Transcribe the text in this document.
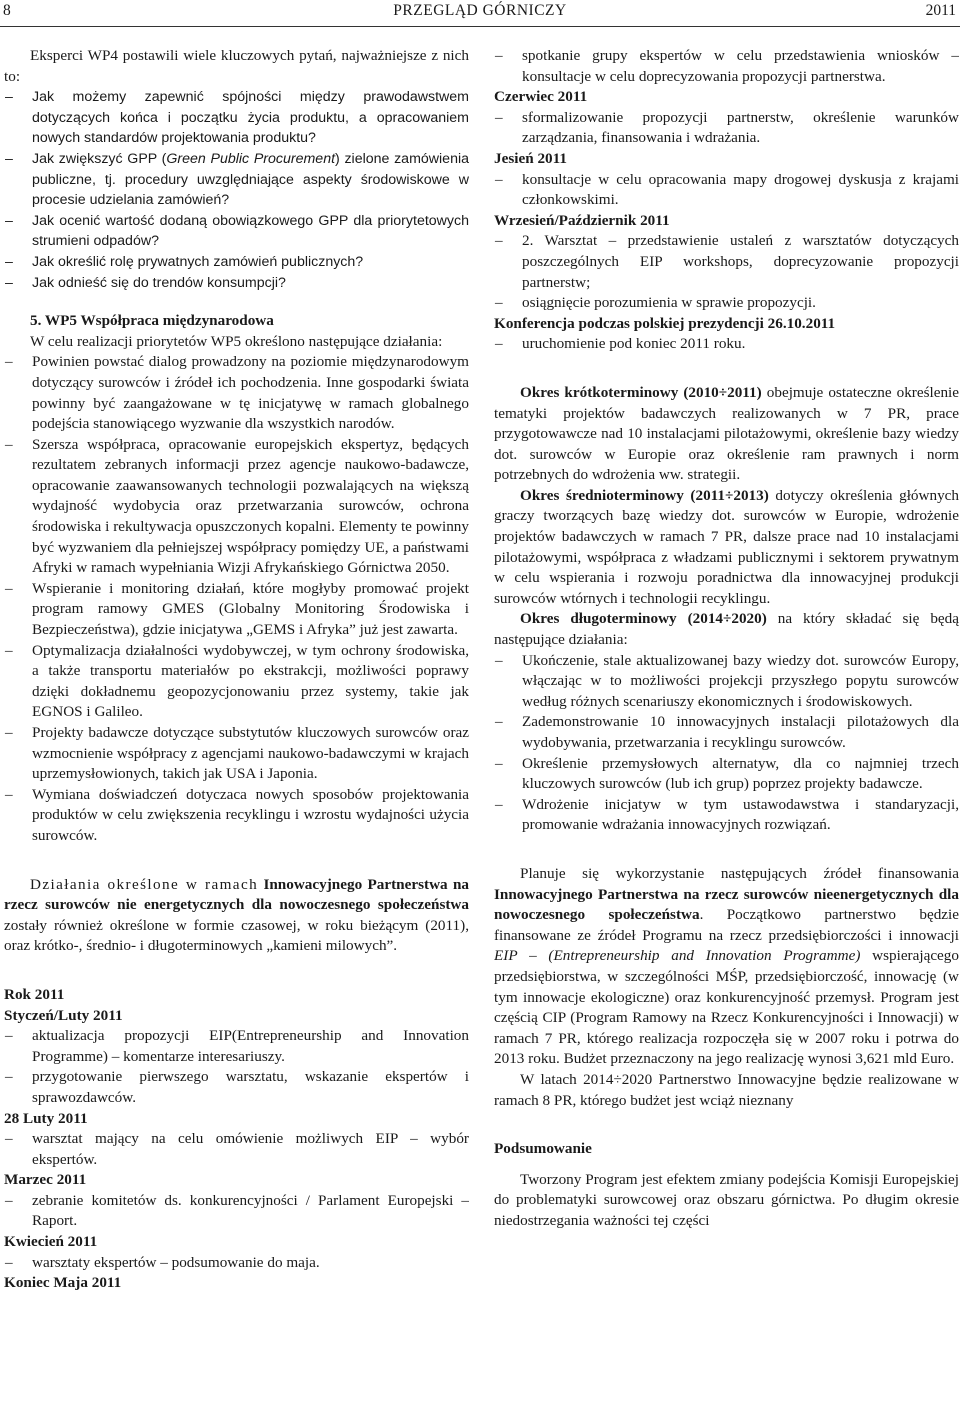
8	PRZEGLĄD GÓRNICZY	2011

Eksperci WP4 postawili wiele kluczowych pytań, najważniejsze z nich to:

– Jak możemy zapewnić spójności między prawodawstwem dotyczących końca i początku życia produktu, a opracowaniem nowych standardów projektowania produktu?

– Jak zwiększyć GPP (Green Public Procurement) zielone zamówienia publiczne, tj. procedury uwzględniające aspekty środowiskowe w procesie udzielania zamówień?

– Jak ocenić wartość dodaną obowiązkowego GPP dla priorytetowych strumieni odpadów?

– Jak określić rolę prywatnych zamówień publicznych?

– Jak odnieść się do trendów konsumpcji?

5. WP5 Współpraca międzynarodowa

W celu realizacji priorytetów WP5 określono następujące działania:

– Powinien powstać dialog prowadzony na poziomie międzynarodowym dotyczący surowców i źródeł ich pochodzenia. Inne gospodarki świata powinny być zaangażowane w tę inicjatywę w ramach globalnego podejścia stanowiącego wyzwanie dla wszystkich narodów.

– Szersza współpraca, opracowanie europejskich ekspertyz, będących rezultatem zebranych informacji przez agencje naukowo-badawcze, opracowanie zaawansowanych technologii pozwalających na większą wydajność wydobycia oraz przetwarzania surowców, ochrona środowiska i rekultywacja opuszczonych kopalni. Elementy te powinny być wyzwaniem dla pełniejszej współpracy pomiędzy UE, a państwami Afryki w ramach wypełniania Wizji Afrykańskiego Górnictwa 2050.

– Wspieranie i monitoring działań, które mogłyby promować projekt program ramowy GMES (Globalny Monitoring Środowiska i Bezpieczeństwa), gdzie inicjatywa „GEMS i Afryka” już jest zawarta.

– Optymalizacja działalności wydobywczej, w tym ochrony środowiska, a także transportu materiałów po ekstrakcji, możliwości poprawy dzięki dokładnemu geopozycjonowaniu przez systemy, takie jak EGNOS i Galileo.

– Projekty badawcze dotyczące substytutów kluczowych surowców oraz wzmocnienie współpracy z agencjami naukowo-badawczymi w krajach uprzemysłowionych, takich jak USA i Japonia.

– Wymiana doświadczeń dotyczaca nowych sposobów projektowania produktów w celu zwiększenia recyklingu i wzrostu wydajności użycia surowców.

Działania określone w ramach Innowacyjnego Partnerstwa na rzecz surowców nie energetycznych dla nowoczesnego społeczeństwa zostały również określone w formie czasowej, w roku bieżącym (2011), oraz krótko-, średnio- i długoterminowych „kamieni milowych”.

Rok 2011

Styczeń/Luty 2011

– aktualizacja propozycji EIP(Entrepreneurship and Innovation Programme) – komentarze interesariuszy.

– przygotowanie pierwszego warsztatu, wskazanie ekspertów i sprawozdawców.

28 Luty 2011

– warsztat mający na celu omówienie możliwych EIP – wybór ekspertów.

Marzec 2011

– zebranie komitetów ds. konkurencyjności / Parlament Europejski – Raport.

Kwiecień 2011

– warsztaty ekspertów – podsumowanie do maja.

Koniec Maja 2011

– spotkanie grupy ekspertów w celu przedstawienia wniosków – konsultacje w celu doprecyzowania propozycji partnerstwa.

Czerwiec 2011

– sformalizowanie propozycji partnerstw, określenie warunków zarządzania, finansowania i wdrażania.

Jesień 2011

– konsultacje w celu opracowania mapy drogowej dyskusja z krajami członkowskimi.

Wrzesień/Październik 2011

– 2. Warsztat – przedstawienie ustaleń z warsztatów dotyczących poszczególnych EIP workshops, doprecyzowanie propozycji partnerstw;

– osiągnięcie porozumienia w sprawie propozycji.

Konferencja podczas polskiej prezydencji 26.10.2011

– uruchomienie pod koniec 2011 roku.

Okres krótkoterminowy (2010÷2011) obejmuje ostateczne określenie tematyki projektów badawczych realizowanych w 7 PR, prace przygotowawcze nad 10 instalacjami pilotażowymi, określenie bazy wiedzy dot. surowców w Europie oraz określenie ram prawnych i norm potrzebnych do wdrożenia ww. strategii.

Okres średnioterminowy (2011÷2013) dotyczy określenia głównych graczy tworzących bazę wiedzy dot. surowców w Europie, wdrożenie projektów badawczych w ramach 7 PR, dalsze prace nad 10 instalacjami pilotażowymi, współpraca z władzami publicznymi i sektorem prywatnym w celu wspierania i rozwoju poradnictwa dla innowacyjnej produkcji surowców wtórnych i technologii recyklingu.

Okres długoterminowy (2014÷2020) na który składać się będą następujące działania:

– Ukończenie, stale aktualizowanej bazy wiedzy dot. surowców Europy, włączając w to możliwości projekcji przyszłego popytu surowców według różnych scenariuszy ekonomicznych i środowiskowych.

– Zademonstrowanie 10 innowacyjnych instalacji pilotażowych dla wydobywania, przetwarzania i recyklingu surowców.

– Określenie przemysłowych alternatyw, dla co najmniej trzech kluczowych surowców (lub ich grup) poprzez projekty badawcze.

– Wdrożenie inicjatyw w tym ustawodawstwa i standaryzacji, promowanie wdrażania innowacyjnych rozwiązań.

Planuje się wykorzystanie następujących źródeł finansowania Innowacyjnego Partnerstwa na rzecz surowców nieenergetycznych dla nowoczesnego społeczeństwa. Początkowo partnerstwo będzie finansowane ze źródeł Programu na rzecz przedsiębiorczości i innowacji EIP – (Entrepreneurship and Innovation Programme) wspierającego przedsiębiorstwa, w szczególności MŚP, przedsiębiorczość, innowację (w tym innowacje ekologiczne) oraz konkurencyjność przemysł. Program jest częścią CIP (Program Ramowy na Rzecz Konkurencyjności i Innowacji) w ramach 7 PR, którego realizacja rozpoczęła się w 2007 roku i potrwa do 2013 roku. Budżet przeznaczony na jego realizację wynosi 3,621 mld Euro.

W latach 2014÷2020 Partnerstwo Innowacyjne będzie realizowane w ramach 8 PR, którego budżet jest wciąż nieznany

Podsumowanie

Tworzony Program jest efektem zmiany podejścia Komisji Europejskiej do problematyki surowcowej oraz obszaru górnictwa. Po długim okresie niedostrzegania ważności tej części
